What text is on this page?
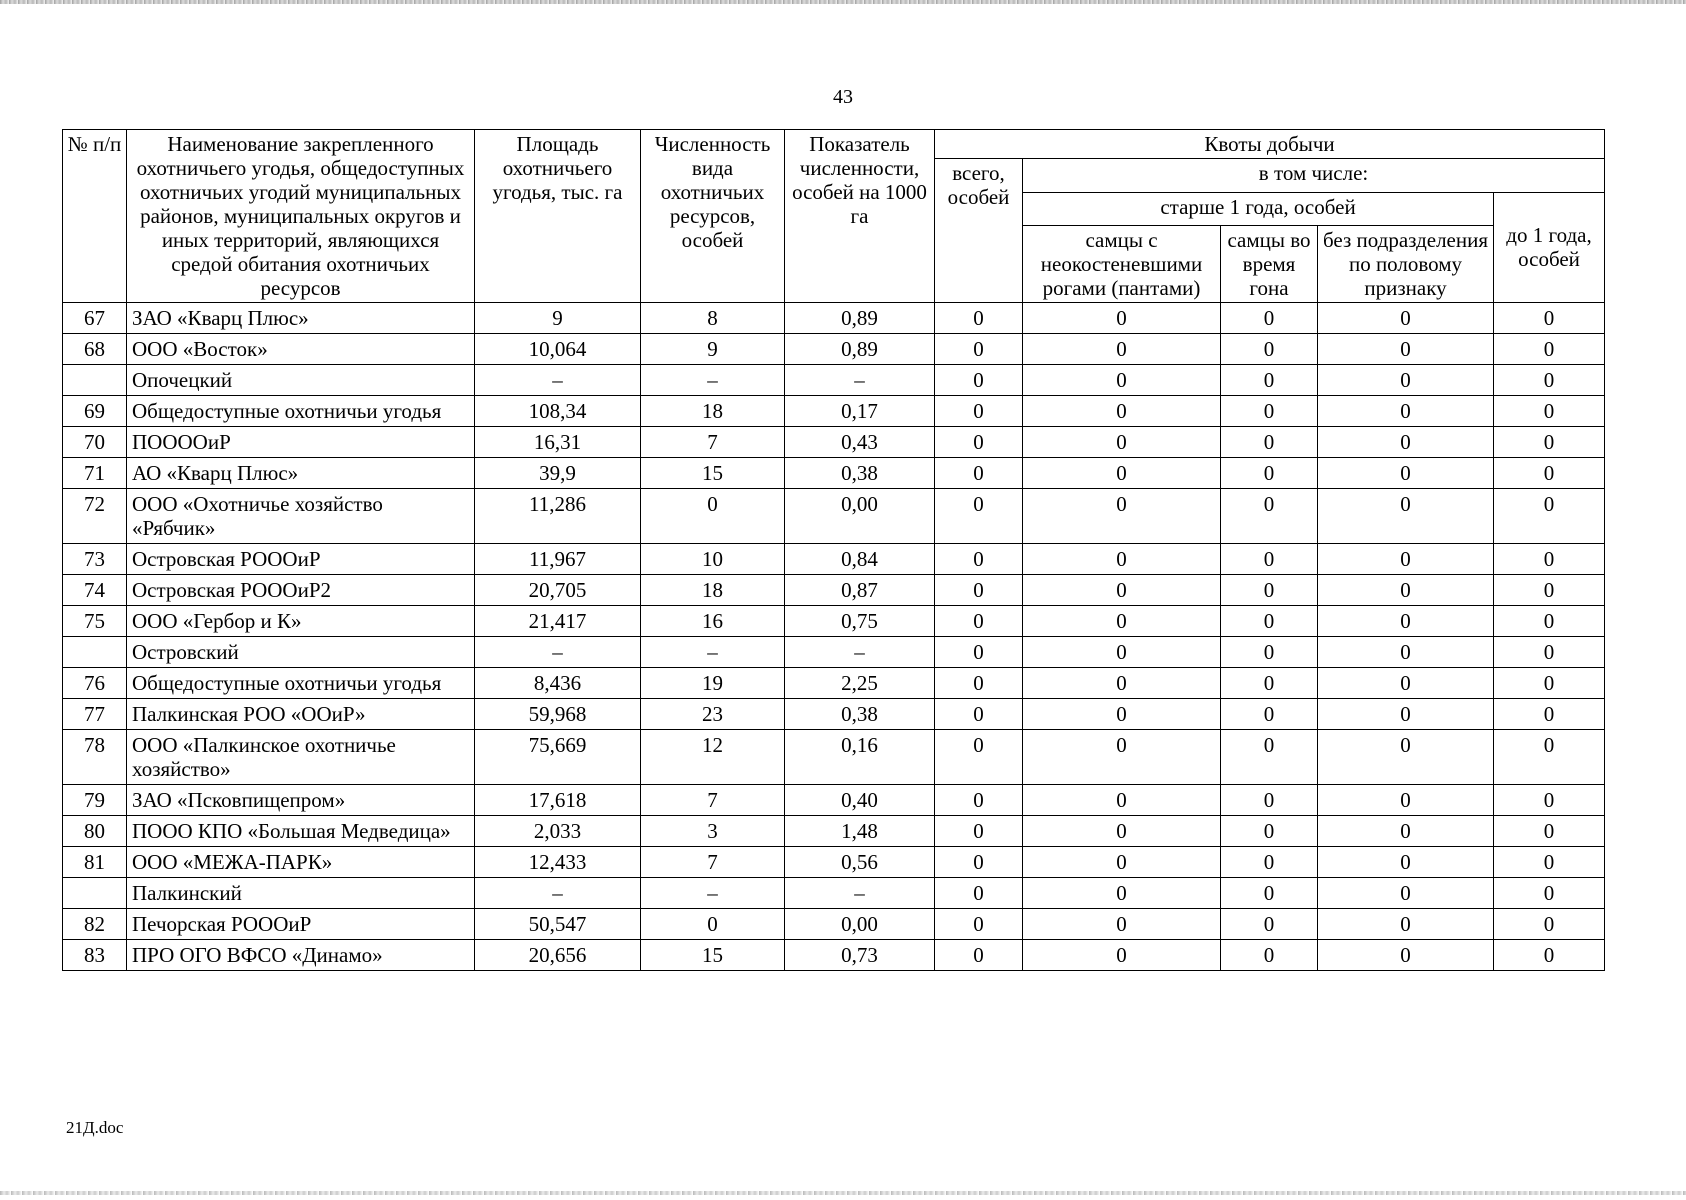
43
№ п/п	Наименование закрепленного охотничьего угодья, общедоступных охотничьих угодий муниципальных районов, муниципальных округов и иных территорий, являющихся средой обитания охотничьих ресурсов	Площадь охотничьего угодья, тыс. га	Численность вида охотничьих ресурсов, особей	Показатель численности, особей на 1000 га	Квоты добычи				
					всего, особей	в том числе:			
						старше 1 года, особей			до 1 года, особей
						самцы с неокостеневшими рогами (пантами)	самцы во время гона	без подразделения по половому признаку	
67	ЗАО «Кварц Плюс»	9	8	0,89	0	0	0	0	0
68	ООО «Восток»	10,064	9	0,89	0	0	0	0	0
	Опочецкий	–	–	–	0	0	0	0	0
69	Общедоступные охотничьи угодья	108,34	18	0,17	0	0	0	0	0
70	ПООООиР	16,31	7	0,43	0	0	0	0	0
71	АО «Кварц Плюс»	39,9	15	0,38	0	0	0	0	0
72	ООО «Охотничье хозяйство «Рябчик»	11,286	0	0,00	0	0	0	0	0
73	Островская РОООиР	11,967	10	0,84	0	0	0	0	0
74	Островская РОООиР2	20,705	18	0,87	0	0	0	0	0
75	ООО «Гербор и К»	21,417	16	0,75	0	0	0	0	0
	Островский	–	–	–	0	0	0	0	0
76	Общедоступные охотничьи угодья	8,436	19	2,25	0	0	0	0	0
77	Палкинская РОО «ООиР»	59,968	23	0,38	0	0	0	0	0
78	ООО «Палкинское охотничье хозяйство»	75,669	12	0,16	0	0	0	0	0
79	ЗАО «Псковпищепром»	17,618	7	0,40	0	0	0	0	0
80	ПООО КПО «Большая Медведица»	2,033	3	1,48	0	0	0	0	0
81	ООО «МЕЖА-ПАРК»	12,433	7	0,56	0	0	0	0	0
	Палкинский	–	–	–	0	0	0	0	0
82	Печорская РОООиР	50,547	0	0,00	0	0	0	0	0
83	ПРО ОГО ВФСО «Динамо»	20,656	15	0,73	0	0	0	0	0
21Д.doc
